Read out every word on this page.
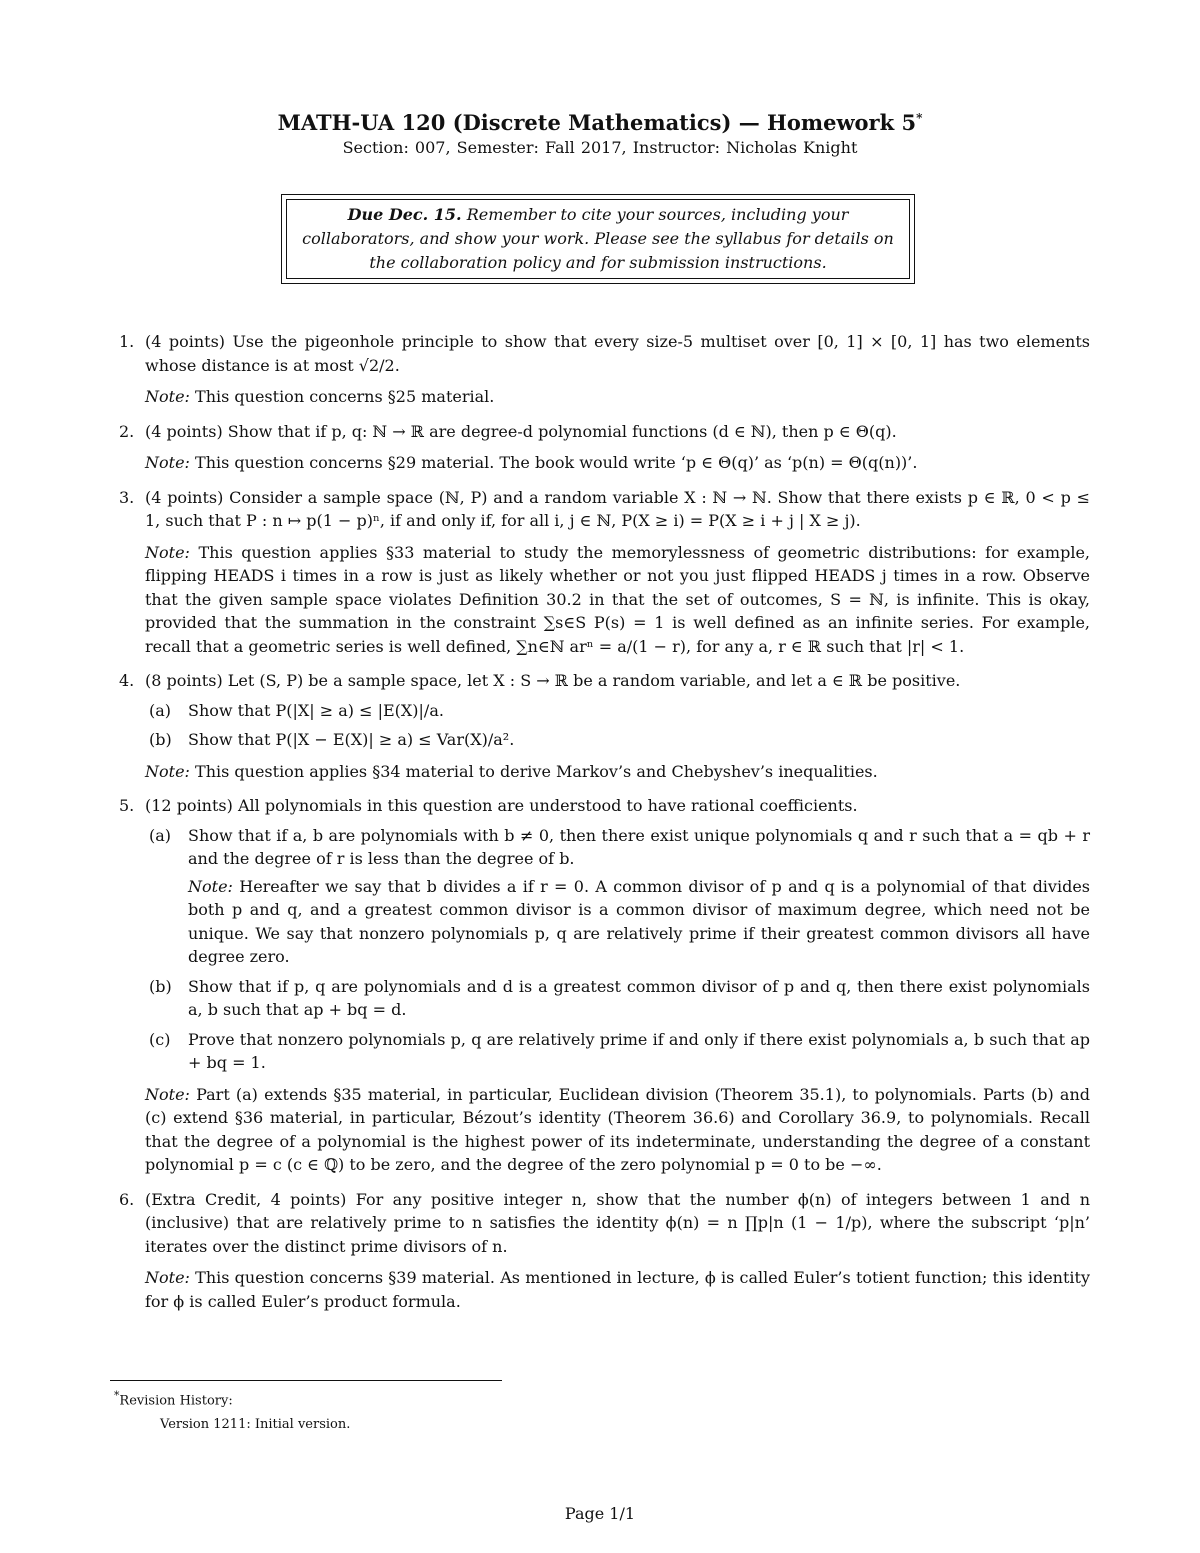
MATH-UA 120 (Discrete Mathematics) — Homework 5*
Section: 007, Semester: Fall 2017, Instructor: Nicholas Knight
Due Dec. 15. Remember to cite your sources, including your collaborators, and show your work. Please see the syllabus for details on the collaboration policy and for submission instructions.
1. (4 points) Use the pigeonhole principle to show that every size-5 multiset over [0, 1] × [0, 1] has two elements whose distance is at most √2/2.

Note: This question concerns §25 material.

2. (4 points) Show that if p, q: ℕ → ℝ are degree-d polynomial functions (d ∈ ℕ), then p ∈ Θ(q).

Note: This question concerns §29 material. The book would write ‘p ∈ Θ(q)’ as ‘p(n) = Θ(q(n))’.

3. (4 points) Consider a sample space (ℕ, P) and a random variable X : ℕ → ℕ. Show that there exists p ∈ ℝ, 0 < p ≤ 1, such that P : n ↦ p(1 − p)ⁿ, if and only if, for all i, j ∈ ℕ, P(X ≥ i) = P(X ≥ i + j | X ≥ j).

Note: This question applies §33 material to study the memorylessness of geometric distributions: for example, flipping HEADS i times in a row is just as likely whether or not you just flipped HEADS j times in a row. Observe that the given sample space violates Definition 30.2 in that the set of outcomes, S = ℕ, is infinite. This is okay, provided that the summation in the constraint ∑s∈S P(s) = 1 is well defined as an infinite series. For example, recall that a geometric series is well defined, ∑n∈ℕ arⁿ = a/(1 − r), for any a, r ∈ ℝ such that |r| < 1.

4. (8 points) Let (S, P) be a sample space, let X : S → ℝ be a random variable, and let a ∈ ℝ be positive.

(a) Show that P(|X| ≥ a) ≤ |E(X)|/a.

(b) Show that P(|X − E(X)| ≥ a) ≤ Var(X)/a².

Note: This question applies §34 material to derive Markov’s and Chebyshev’s inequalities.

5. (12 points) All polynomials in this question are understood to have rational coefficients.

(a) Show that if a, b are polynomials with b ≠ 0, then there exist unique polynomials q and r such that a = qb + r and the degree of r is less than the degree of b.

Note: Hereafter we say that b divides a if r = 0. A common divisor of p and q is a polynomial of that divides both p and q, and a greatest common divisor is a common divisor of maximum degree, which need not be unique. We say that nonzero polynomials p, q are relatively prime if their greatest common divisors all have degree zero.

(b) Show that if p, q are polynomials and d is a greatest common divisor of p and q, then there exist polynomials a, b such that ap + bq = d.

(c) Prove that nonzero polynomials p, q are relatively prime if and only if there exist polynomials a, b such that ap + bq = 1.

Note: Part (a) extends §35 material, in particular, Euclidean division (Theorem 35.1), to polynomials. Parts (b) and (c) extend §36 material, in particular, Bézout’s identity (Theorem 36.6) and Corollary 36.9, to polynomials. Recall that the degree of a polynomial is the highest power of its indeterminate, understanding the degree of a constant polynomial p = c (c ∈ ℚ) to be zero, and the degree of the zero polynomial p = 0 to be −∞.

6. (Extra Credit, 4 points) For any positive integer n, show that the number ϕ(n) of integers between 1 and n (inclusive) that are relatively prime to n satisfies the identity ϕ(n) = n ∏p|n (1 − 1/p), where the subscript ‘p|n’ iterates over the distinct prime divisors of n.

Note: This question concerns §39 material. As mentioned in lecture, ϕ is called Euler’s totient function; this identity for ϕ is called Euler’s product formula.

*Revision History:
Version 1211: Initial version.
Page 1/1
